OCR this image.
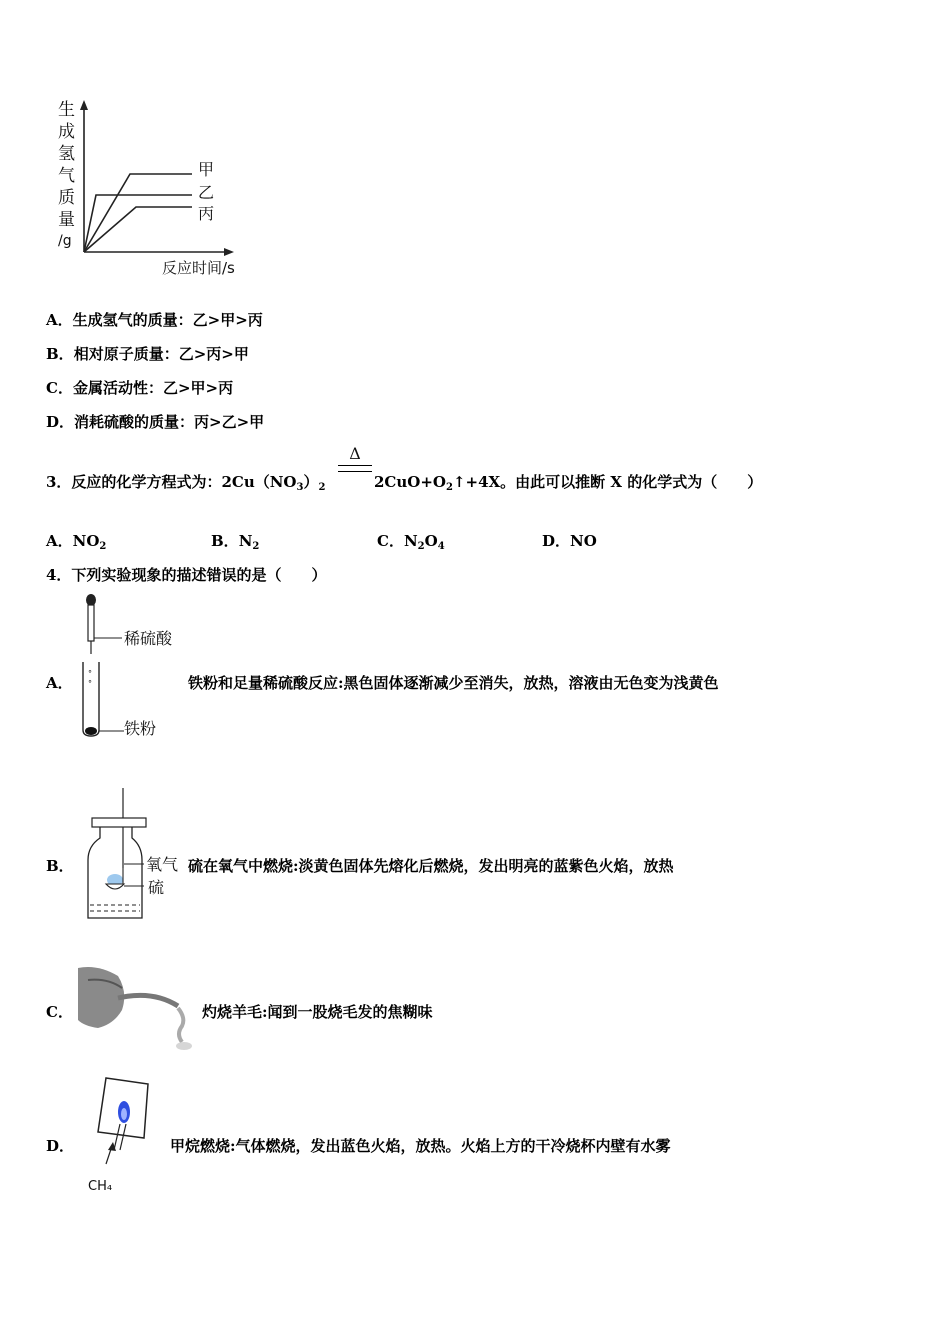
生
成
氢
气
质
量
/g
甲
乙
丙
反应时间/s
A．生成氢气的质量：乙>甲>丙
B．相对原子质量：乙>丙>甲
C．金属活动性：乙>甲>丙
D．消耗硫酸的质量：丙>乙>甲
3．反应的化学方程式为：$2Cu(NO_3)_2$
Δ
$2CuO+O_2↑+4X$。由此可以推断 X 的化学式为（　　）
A．$NO_2$	B．$N_2$	C．$N_2O_4$	D．NO
4．下列实验现象的描述错误的是（　　）
A．
°
°
稀硫酸
铁粉
铁粉和足量稀硫酸反应:黑色固体逐渐减少至消失，放热，溶液由无色变为浅黄色
B．	氧气
硫
硫在氧气中燃烧:淡黄色固体先熔化后燃烧，发出明亮的蓝紫色火焰，放热
C．	灼烧羊毛:闻到一股烧毛发的焦糊味
D．
CH₄
甲烷燃烧:气体燃烧，发出蓝色火焰，放热。火焰上方的干冷烧杯内壁有水雾
